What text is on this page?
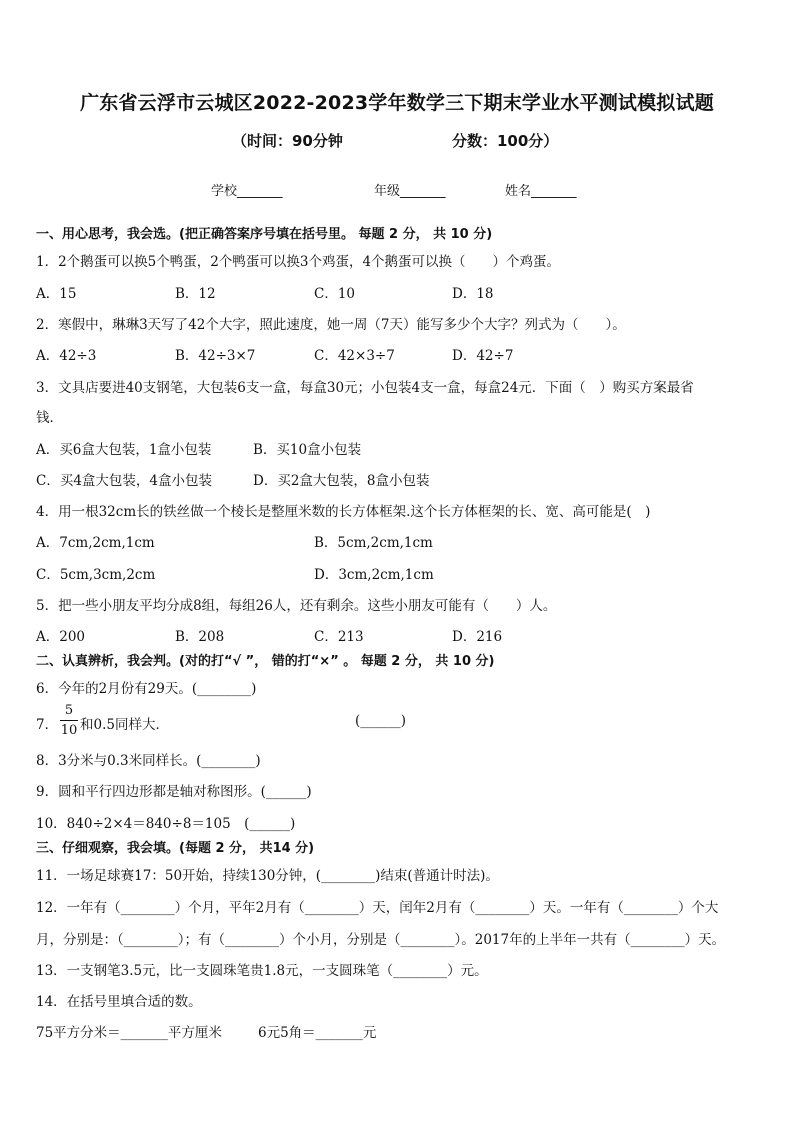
广东省云浮市云城区2022-2023学年数学三下期末学业水平测试模拟试题
（时间：90分钟	分数：100分）
学校_______	年级_______	姓名_______
一、用心思考，我会选。(把正确答案序号填在括号里。 每题 2 分， 共 10 分)
1．2个鹅蛋可以换5个鸭蛋，2个鸭蛋可以换3个鸡蛋，4个鹅蛋可以换（　　）个鸡蛋。
A．15	B．12	C．10	D．18
2．寒假中，琳琳3天写了42个大字，照此速度，她一周（7天）能写多少个大字？列式为（　　）。
A．42÷3	B．42÷3×7	C．42×3÷7	D．42÷7
3．文具店要进40支钢笔，大包装6支一盒，每盒30元；小包装4支一盒，每盒24元．下面（　）购买方案最省
钱．
A．买6盒大包装，1盒小包装	B．买10盒小包装
C．买4盒大包装，4盒小包装	D．买2盒大包装，8盒小包装
4．用一根32cm长的铁丝做一个棱长是整厘米数的长方体框架.这个长方体框架的长、宽、高可能是(　)
A．7cm,2cm,1cm	B．5cm,2cm,1cm
C．5cm,3cm,2cm	D．3cm,2cm,1cm
5．把一些小朋友平均分成8组，每组26人，还有剩余。这些小朋友可能有（　　）人。
A．200	B．208	C．213	D．216
二、认真辨析，我会判。(对的打“√ ”， 错的打“×” 。 每题 2 分， 共 10 分)
6．今年的2月份有29天。(________)
7．
5
10 和0.5同样大．	(______)
8．3分米与0.3米同样长。(________)
9．圆和平行四边形都是轴对称图形。(______)
10．840÷2×4＝840÷8＝105　(______)
三、仔细观察，我会填。(每题 2 分， 共14 分)
11．一场足球赛17：50开始，持续130分钟，(________)结束(普通计时法)。
12．一年有（________）个月，平年2月有（________）天，闰年2月有（________）天。一年有（________）个大
月，分别是：（________）；有（________）个小月，分别是（________）。2017年的上半年一共有（________）天。
13．一支钢笔3.5元，比一支圆珠笔贵1.8元，一支圆珠笔（________）元。
14．在括号里填合适的数。
75平方分米＝_______平方厘米	6元5角＝_______元
